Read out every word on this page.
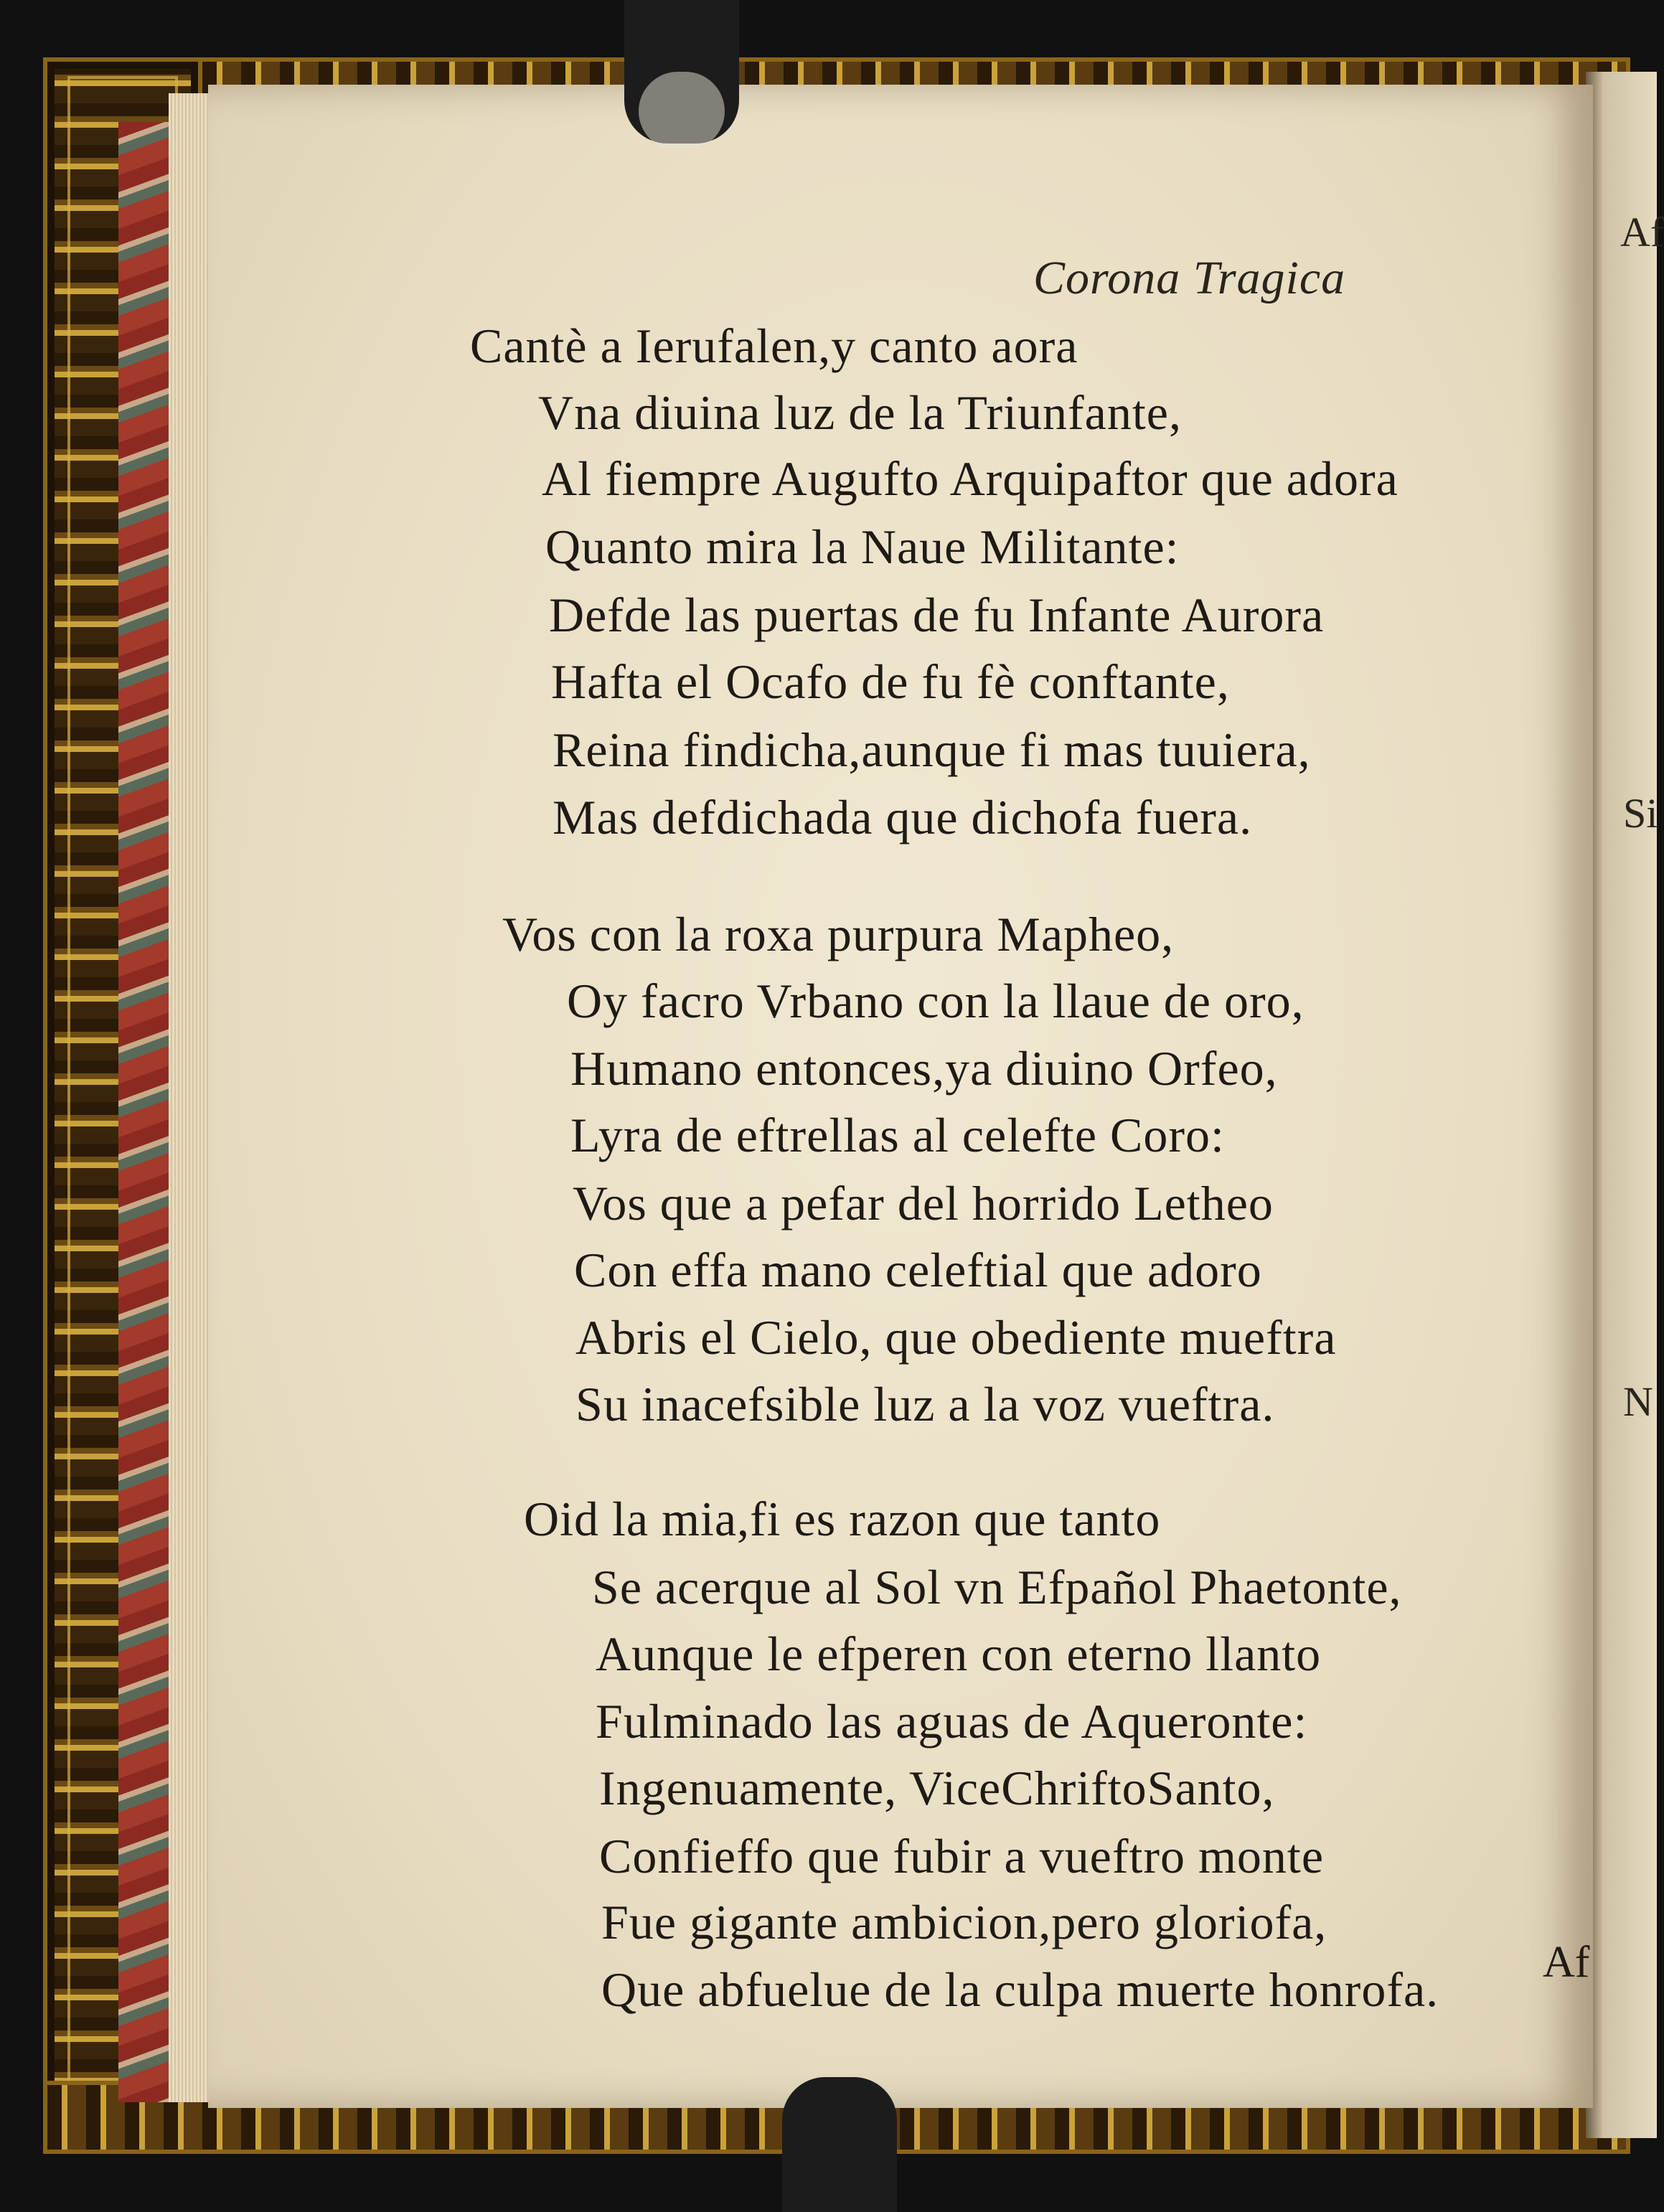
Corona Tragica
Cantè a Ierufalen,y canto aora
Vna diuina luz de la Triunfante,
Al fiempre Augufto Arquipaftor que adora
Quanto mira la Naue Militante:
Defde las puertas de fu Infante Aurora
Hafta el Ocafo de fu fè conftante,
Reina findicha,aunque fi mas tuuiera,
Mas defdichada que dichofa fuera.
Vos con la roxa purpura Mapheo,
Oy facro Vrbano con la llaue de oro,
Humano entonces,ya diuino Orfeo,
Lyra de eftrellas al celefte Coro:
Vos que a pefar del horrido Letheo
Con effa mano celeftial que adoro
Abris el Cielo, que obediente mueftra
Su inacefsible luz a la voz vueftra.
Oid la mia,fi es razon que tanto
Se acerque al Sol vn Efpañol Phaetonte,
Aunque le efperen con eterno llanto
Fulminado las aguas de Aqueronte:
Ingenuamente, ViceChriftoSanto,
Confieffo que fubir a vueftro monte
Fue gigante ambicion,pero gloriofa,
Que abfuelue de la culpa muerte honrofa. Af
Af
Si
N
